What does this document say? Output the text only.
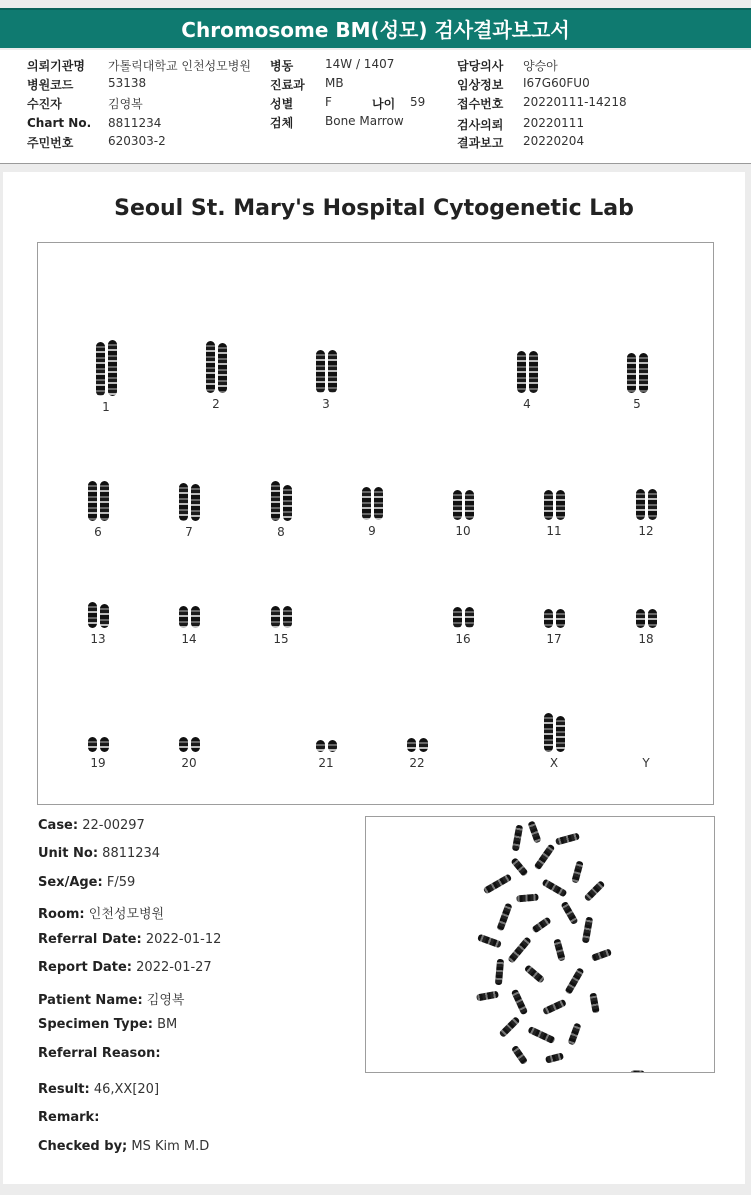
Chromosome BM(성모) 검사결과보고서
의뢰기관명 가톨릭대학교 인천성모병원
병원코드	53138
수진자	김영복
Chart No. 8811234
주민번호	620303-2
병동	14W / 1407
진료과 MB
성별	F	나이 59
검체	Bone Marrow
담당의사 양승아
임상정보 I67G60FU0
접수번호 20220111-14218
검사의뢰 20220111
결과보고 20220204
Seoul St. Mary's Hospital Cytogenetic Lab
1	2	3	4	5
6	7	8	9	10	11	12
13	14	15	16	17	18
19	20	21	22	X	Y
Case: 22-00297
Unit No: 8811234
Sex/Age: F/59
Room: 인천성모병원
Referral Date: 2022-01-12
Report Date: 2022-01-27
Patient Name: 김영복
Specimen Type: BM
Referral Reason:
Result: 46,XX[20]
Remark:
Checked by; MS Kim M.D
